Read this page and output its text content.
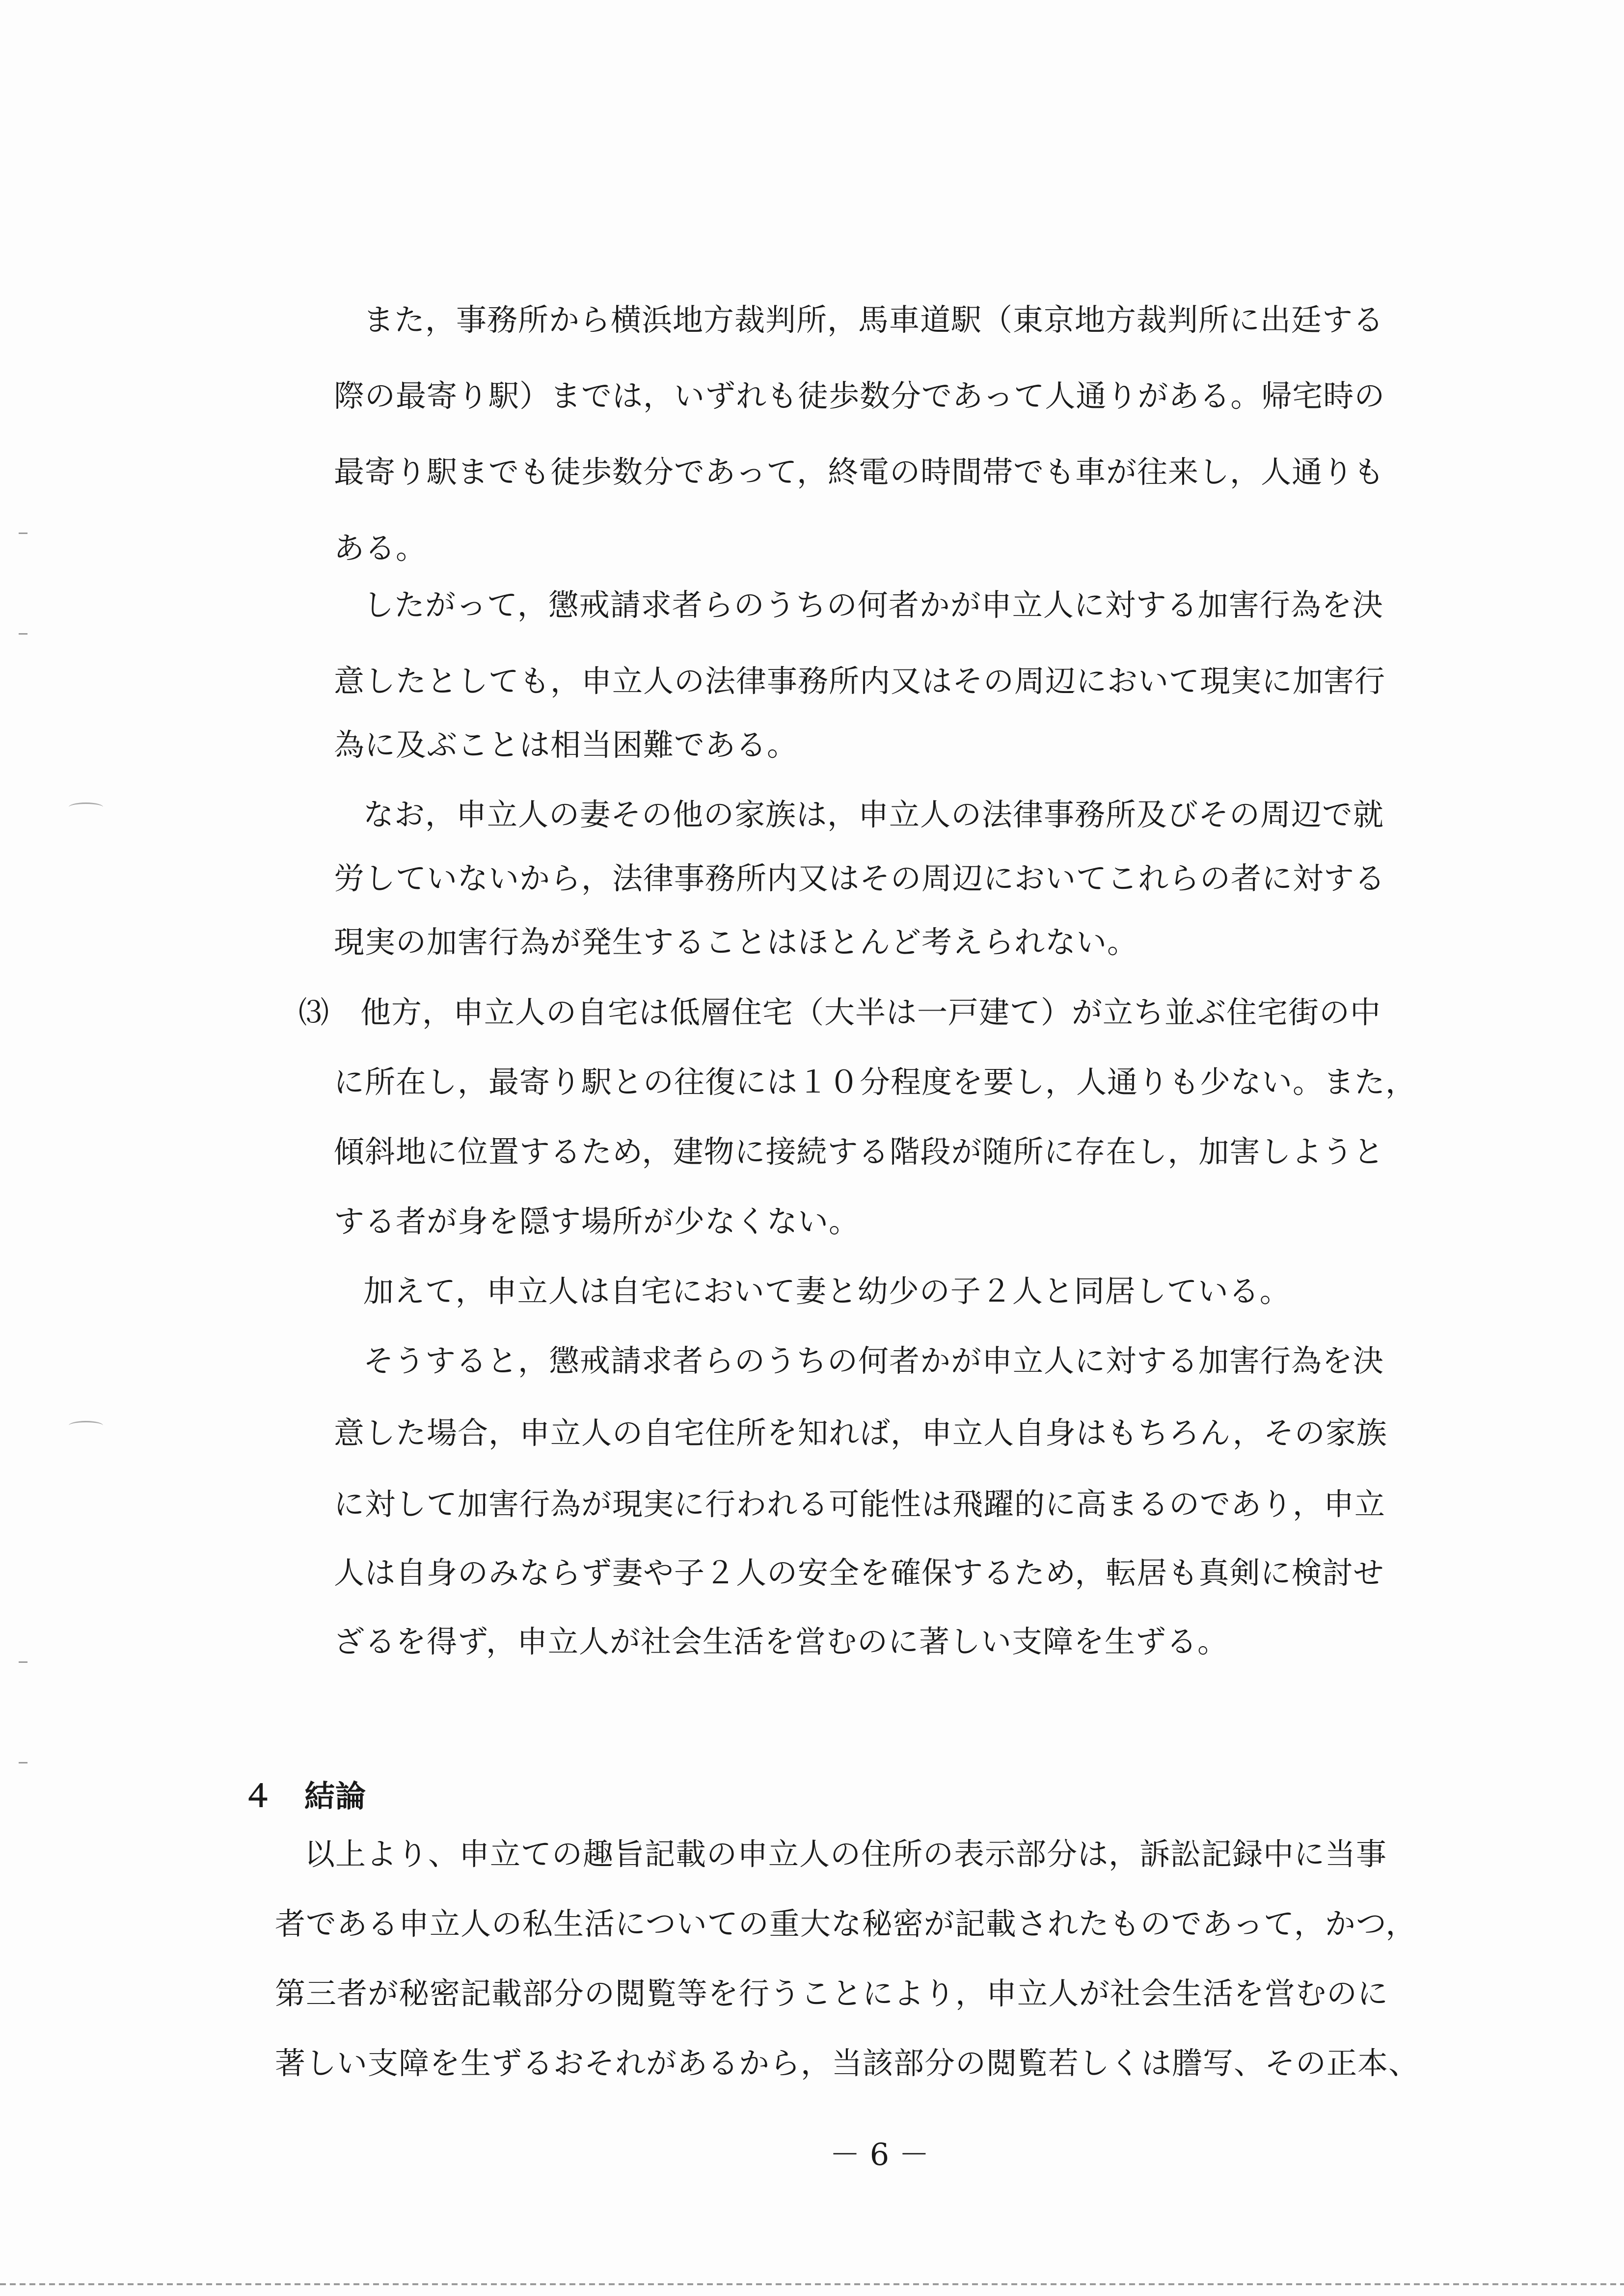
また，事務所から横浜地方裁判所，馬車道駅（東京地方裁判所に出廷する
際の最寄り駅）までは，いずれも徒歩数分であって人通りがある。帰宅時の
最寄り駅までも徒歩数分であって，終電の時間帯でも車が往来し，人通りも
ある。
したがって，懲戒請求者らのうちの何者かが申立人に対する加害行為を決
意したとしても，申立人の法律事務所内又はその周辺において現実に加害行
為に及ぶことは相当困難である。
なお，申立人の妻その他の家族は，申立人の法律事務所及びその周辺で就
労していないから，法律事務所内又はその周辺においてこれらの者に対する
現実の加害行為が発生することはほとんど考えられない。
⑶　他方，申立人の自宅は低層住宅（大半は一戸建て）が立ち並ぶ住宅街の中
に所在し，最寄り駅との往復には１０分程度を要し，人通りも少ない。また，
傾斜地に位置するため，建物に接続する階段が随所に存在し，加害しようと
する者が身を隠す場所が少なくない。
加えて，申立人は自宅において妻と幼少の子２人と同居している。
そうすると，懲戒請求者らのうちの何者かが申立人に対する加害行為を決
意した場合，申立人の自宅住所を知れば，申立人自身はもちろん，その家族
に対して加害行為が現実に行われる可能性は飛躍的に高まるのであり，申立
人は自身のみならず妻や子２人の安全を確保するため，転居も真剣に検討せ
ざるを得ず，申立人が社会生活を営むのに著しい支障を生ずる。
４　結論
以上より、申立ての趣旨記載の申立人の住所の表示部分は，訴訟記録中に当事
者である申立人の私生活についての重大な秘密が記載されたものであって，かつ，
第三者が秘密記載部分の閲覧等を行うことにより，申立人が社会生活を営むのに
著しい支障を生ずるおそれがあるから，当該部分の閲覧若しくは謄写、その正本、
－ 6 －
